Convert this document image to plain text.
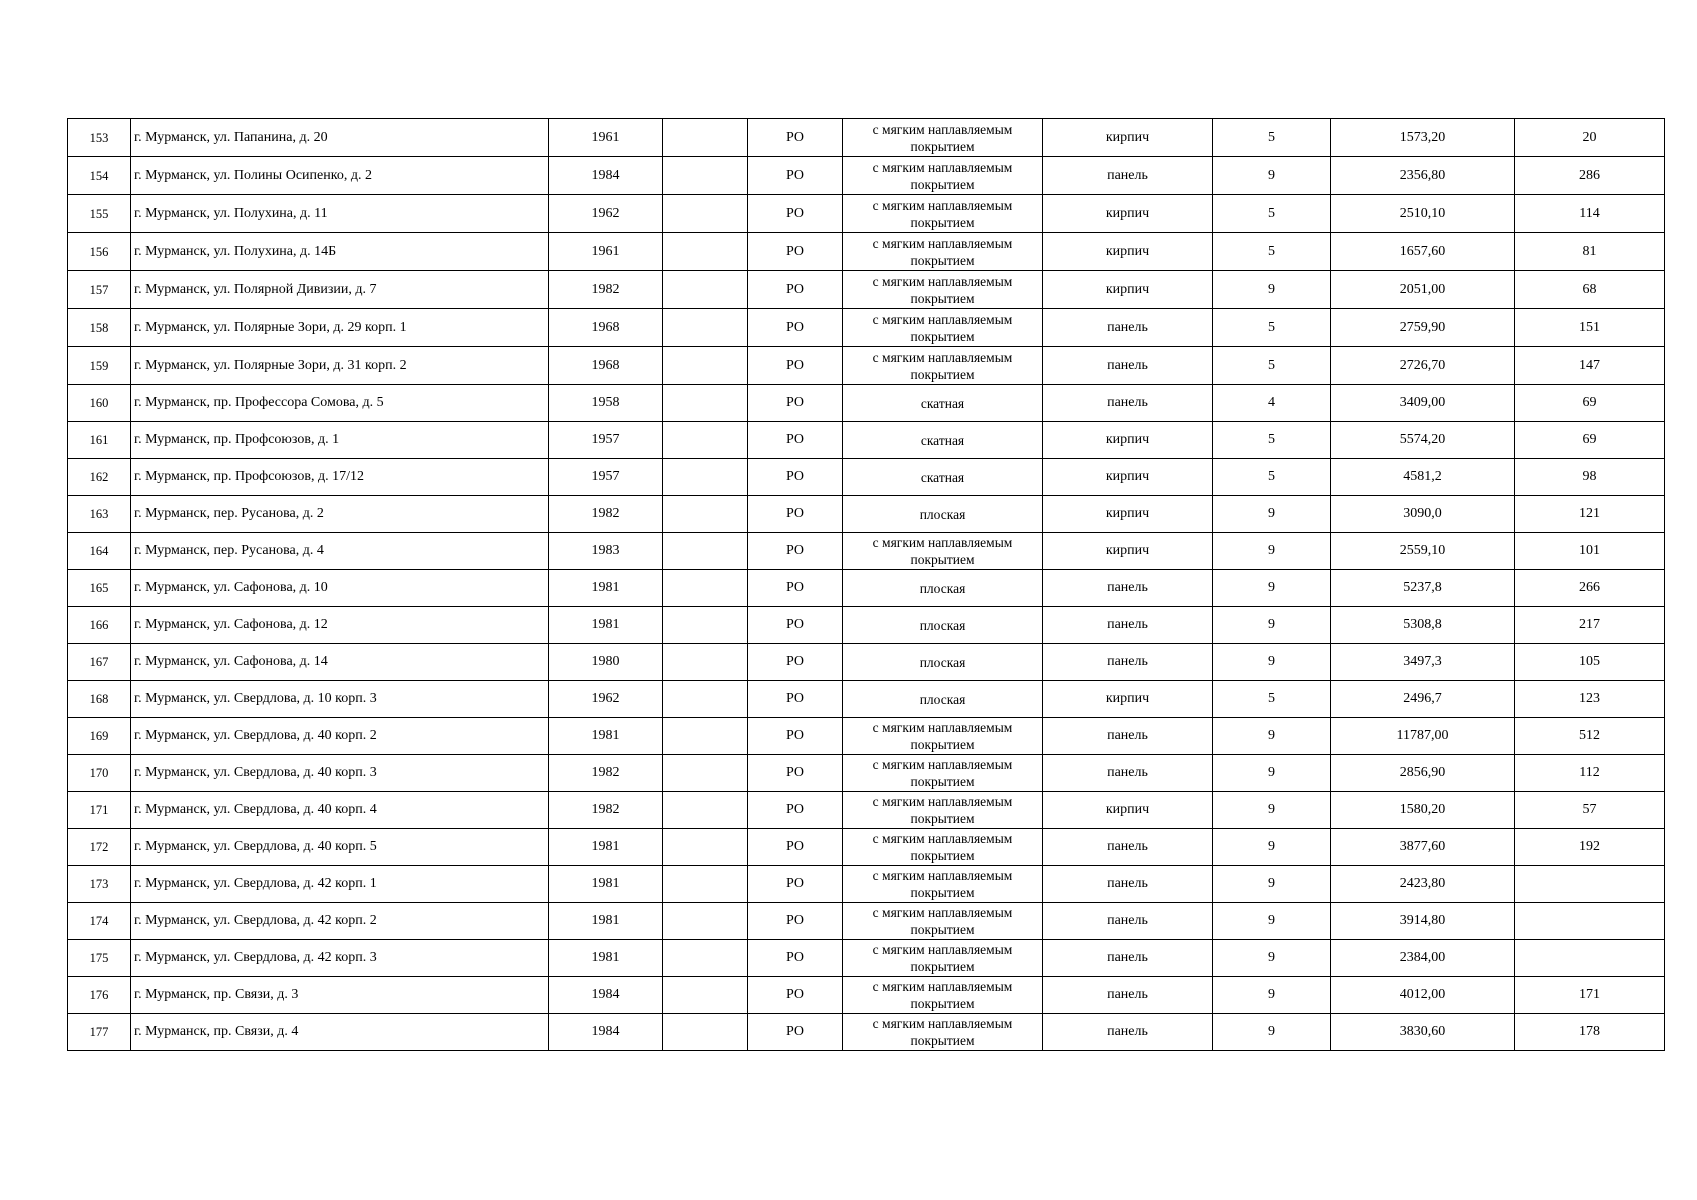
153	г. Мурманск, ул. Папанина, д. 20	1961		РО	с мягким наплавляемым покрытием	кирпич	5	1573,20	20
154	г. Мурманск, ул. Полины Осипенко, д. 2	1984		РО	с мягким наплавляемым покрытием	панель	9	2356,80	286
155	г. Мурманск, ул. Полухина, д. 11	1962		РО	с мягким наплавляемым покрытием	кирпич	5	2510,10	114
156	г. Мурманск, ул. Полухина, д. 14Б	1961		РО	с мягким наплавляемым покрытием	кирпич	5	1657,60	81
157	г. Мурманск, ул. Полярной Дивизии, д. 7	1982		РО	с мягким наплавляемым покрытием	кирпич	9	2051,00	68
158	г. Мурманск, ул. Полярные Зори, д. 29 корп. 1	1968		РО	с мягким наплавляемым покрытием	панель	5	2759,90	151
159	г. Мурманск, ул. Полярные Зори, д. 31 корп. 2	1968		РО	с мягким наплавляемым покрытием	панель	5	2726,70	147
160	г. Мурманск, пр. Профессора Сомова, д. 5	1958		РО	скатная	панель	4	3409,00	69
161	г. Мурманск, пр. Профсоюзов, д. 1	1957		РО	скатная	кирпич	5	5574,20	69
162	г. Мурманск, пр. Профсоюзов, д. 17/12	1957		РО	скатная	кирпич	5	4581,2	98
163	г. Мурманск, пер. Русанова, д. 2	1982		РО	плоская	кирпич	9	3090,0	121
164	г. Мурманск, пер. Русанова, д. 4	1983		РО	с мягким наплавляемым покрытием	кирпич	9	2559,10	101
165	г. Мурманск, ул. Сафонова, д. 10	1981		РО	плоская	панель	9	5237,8	266
166	г. Мурманск, ул. Сафонова, д. 12	1981		РО	плоская	панель	9	5308,8	217
167	г. Мурманск, ул. Сафонова, д. 14	1980		РО	плоская	панель	9	3497,3	105
168	г. Мурманск, ул. Свердлова, д. 10 корп. 3	1962		РО	плоская	кирпич	5	2496,7	123
169	г. Мурманск, ул. Свердлова, д. 40 корп. 2	1981		РО	с мягким наплавляемым покрытием	панель	9	11787,00	512
170	г. Мурманск, ул. Свердлова, д. 40 корп. 3	1982		РО	с мягким наплавляемым покрытием	панель	9	2856,90	112
171	г. Мурманск, ул. Свердлова, д. 40 корп. 4	1982		РО	с мягким наплавляемым покрытием	кирпич	9	1580,20	57
172	г. Мурманск, ул. Свердлова, д. 40 корп. 5	1981		РО	с мягким наплавляемым покрытием	панель	9	3877,60	192
173	г. Мурманск, ул. Свердлова, д. 42 корп. 1	1981		РО	с мягким наплавляемым покрытием	панель	9	2423,80	
174	г. Мурманск, ул. Свердлова, д. 42 корп. 2	1981		РО	с мягким наплавляемым покрытием	панель	9	3914,80	
175	г. Мурманск, ул. Свердлова, д. 42 корп. 3	1981		РО	с мягким наплавляемым покрытием	панель	9	2384,00	
176	г. Мурманск, пр. Связи, д. 3	1984		РО	с мягким наплавляемым покрытием	панель	9	4012,00	171
177	г. Мурманск, пр. Связи, д. 4	1984		РО	с мягким наплавляемым покрытием	панель	9	3830,60	178
